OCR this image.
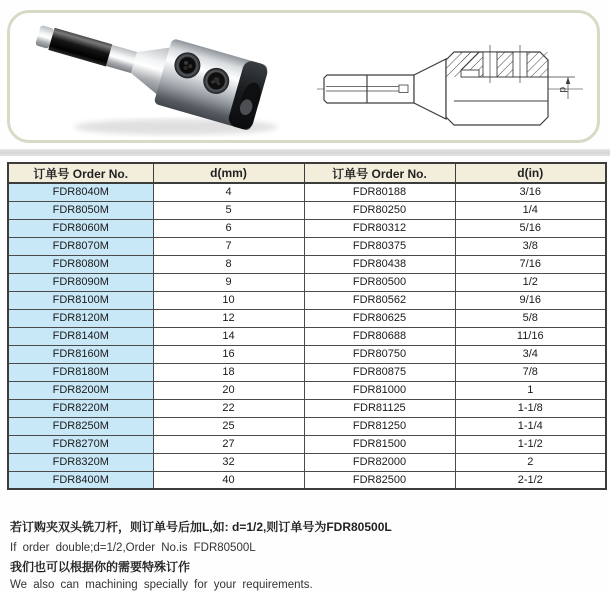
d
订单号 Order No.	d(mm)	订单号 Order No.	d(in)
FDR8040M	4	FDR80188	3/16
FDR8050M	5	FDR80250	1/4
FDR8060M	6	FDR80312	5/16
FDR8070M	7	FDR80375	3/8
FDR8080M	8	FDR80438	7/16
FDR8090M	9	FDR80500	1/2
FDR8100M	10	FDR80562	9/16
FDR8120M	12	FDR80625	5/8
FDR8140M	14	FDR80688	11/16
FDR8160M	16	FDR80750	3/4
FDR8180M	18	FDR80875	7/8
FDR8200M	20	FDR81000	1
FDR8220M	22	FDR81125	1-1/8
FDR8250M	25	FDR81250	1-1/4
FDR8270M	27	FDR81500	1-1/2
FDR8320M	32	FDR82000	2
FDR8400M	40	FDR82500	2-1/2
若订购夹双头铣刀杆，则订单号后加L,如: d=1/2,则订单号为FDR80500L
If order double;d=1/2,Order No.is FDR80500L
我们也可以根据你的需要特殊订作
We also can machining specially for your requirements.
